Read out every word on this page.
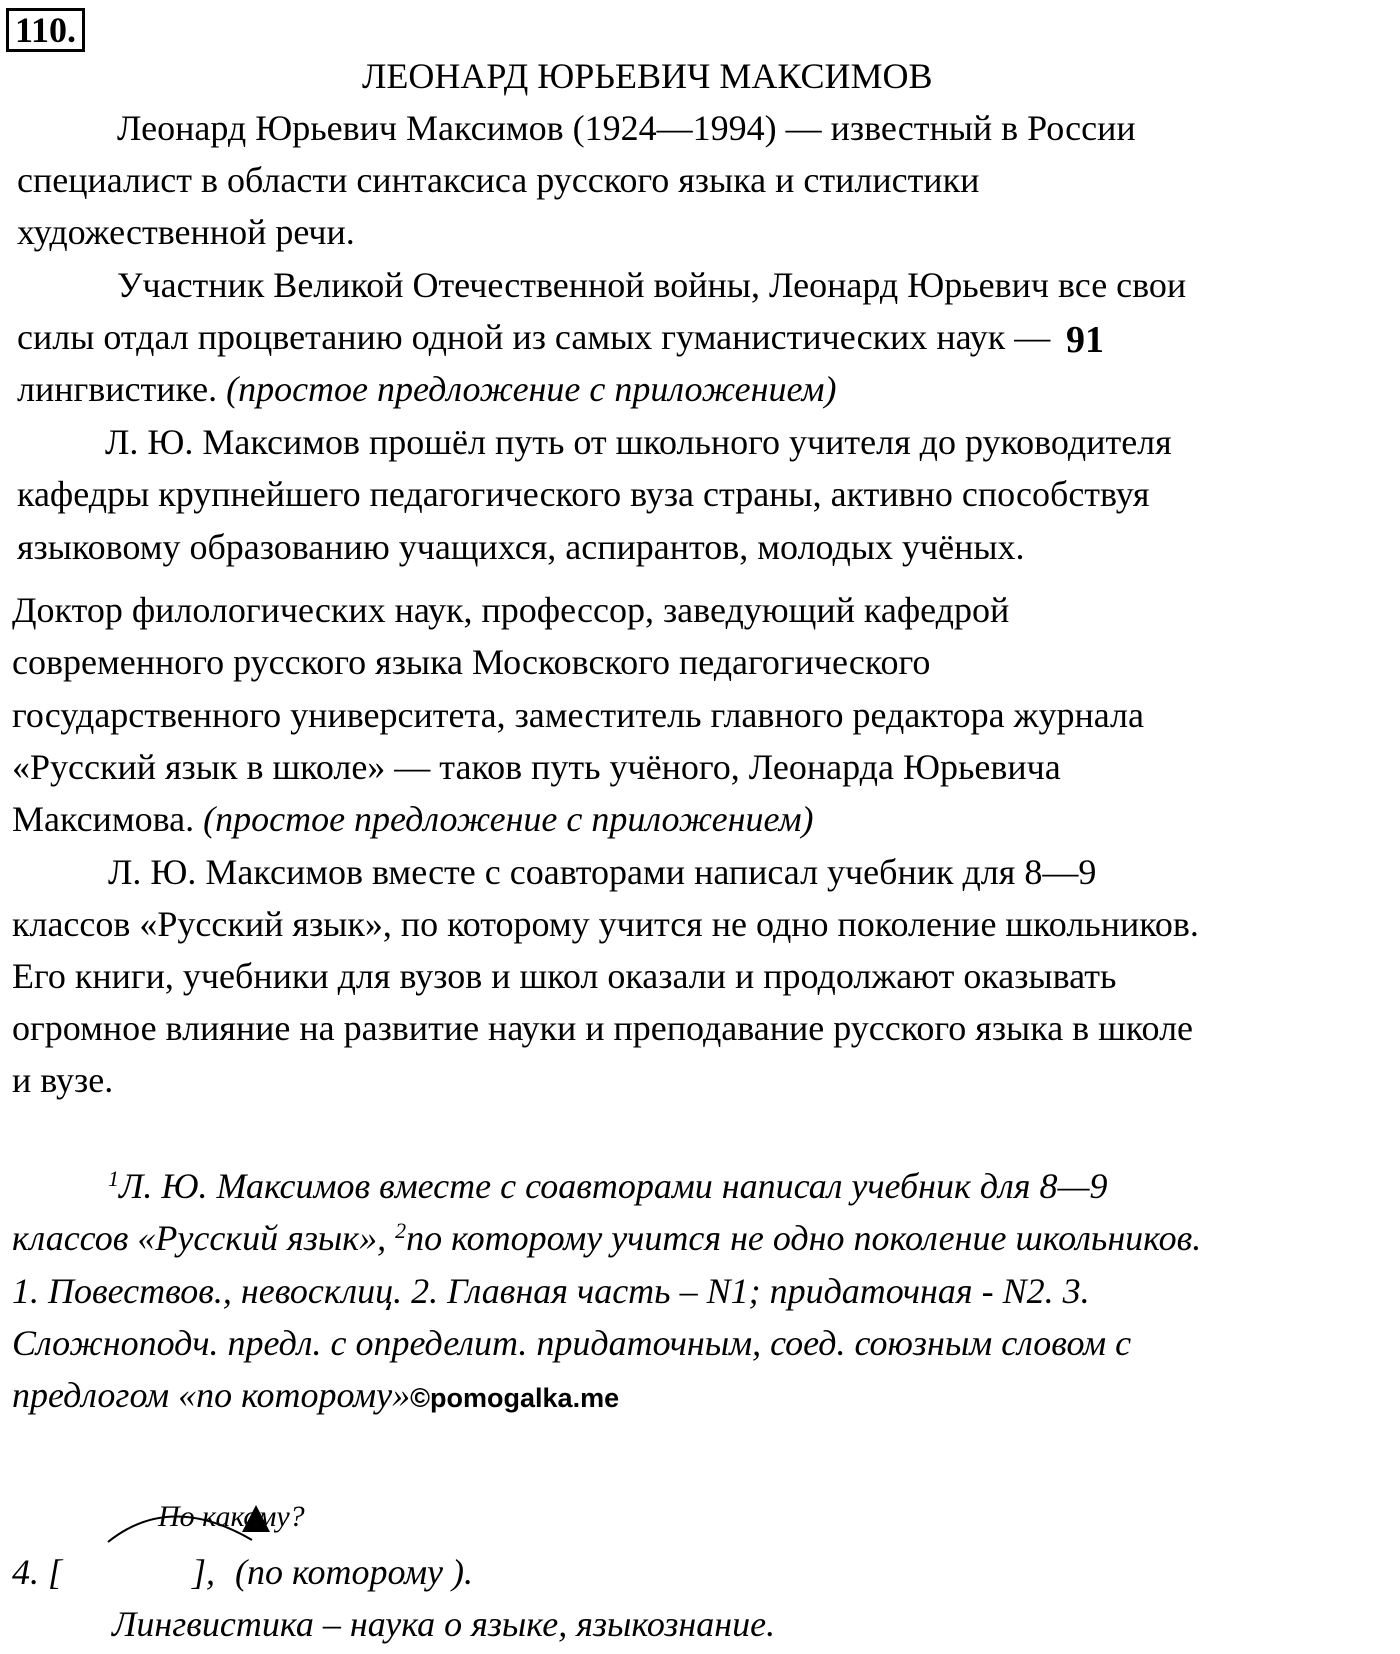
110.
ЛЕОНАРД ЮРЬЕВИЧ МАКСИМОВ
Леонард Юрьевич Максимов (1924—1994) — известный в России
специалист в области синтаксиса русского языка и стилистики
художественной речи.
Участник Великой Отечественной войны, Леонард Юрьевич все свои
силы отдал процветанию одной из самых гуманистических наук — 91
лингвистике. (простое предложение с приложением)
Л. Ю. Максимов прошёл путь от школьного учителя до руководителя
кафедры крупнейшего педагогического вуза страны, активно способствуя
языковому образованию учащихся, аспирантов, молодых учёных.
Доктор филологических наук, профессор, заведующий кафедрой
современного русского языка Московского педагогического
государственного университета, заместитель главного редактора журнала
«Русский язык в школе» — таков путь учёного, Леонарда Юрьевича
Максимова. (простое предложение с приложением)
Л. Ю. Максимов вместе с соавторами написал учебник для 8—9
классов «Русский язык», по которому учится не одно поколение школьников.
Его книги, учебники для вузов и школ оказали и продолжают оказывать
огромное влияние на развитие науки и преподавание русского языка в школе
и вузе.
$^1$Л. Ю. Максимов вместе с соавторами написал учебник для 8—9
классов «Русский язык», $^2$по которому учится не одно поколение школьников.
1. Повествов., невосклиц. 2. Главная часть – N1; придаточная - N2. 3.
Сложноподч. предл. с определит. придаточным, соед. союзным словом с
предлогом «по которому»©pomogalka.me
По какому?
4. [	], (по которому ).
Лингвистика – наука о языке, языкознание.
